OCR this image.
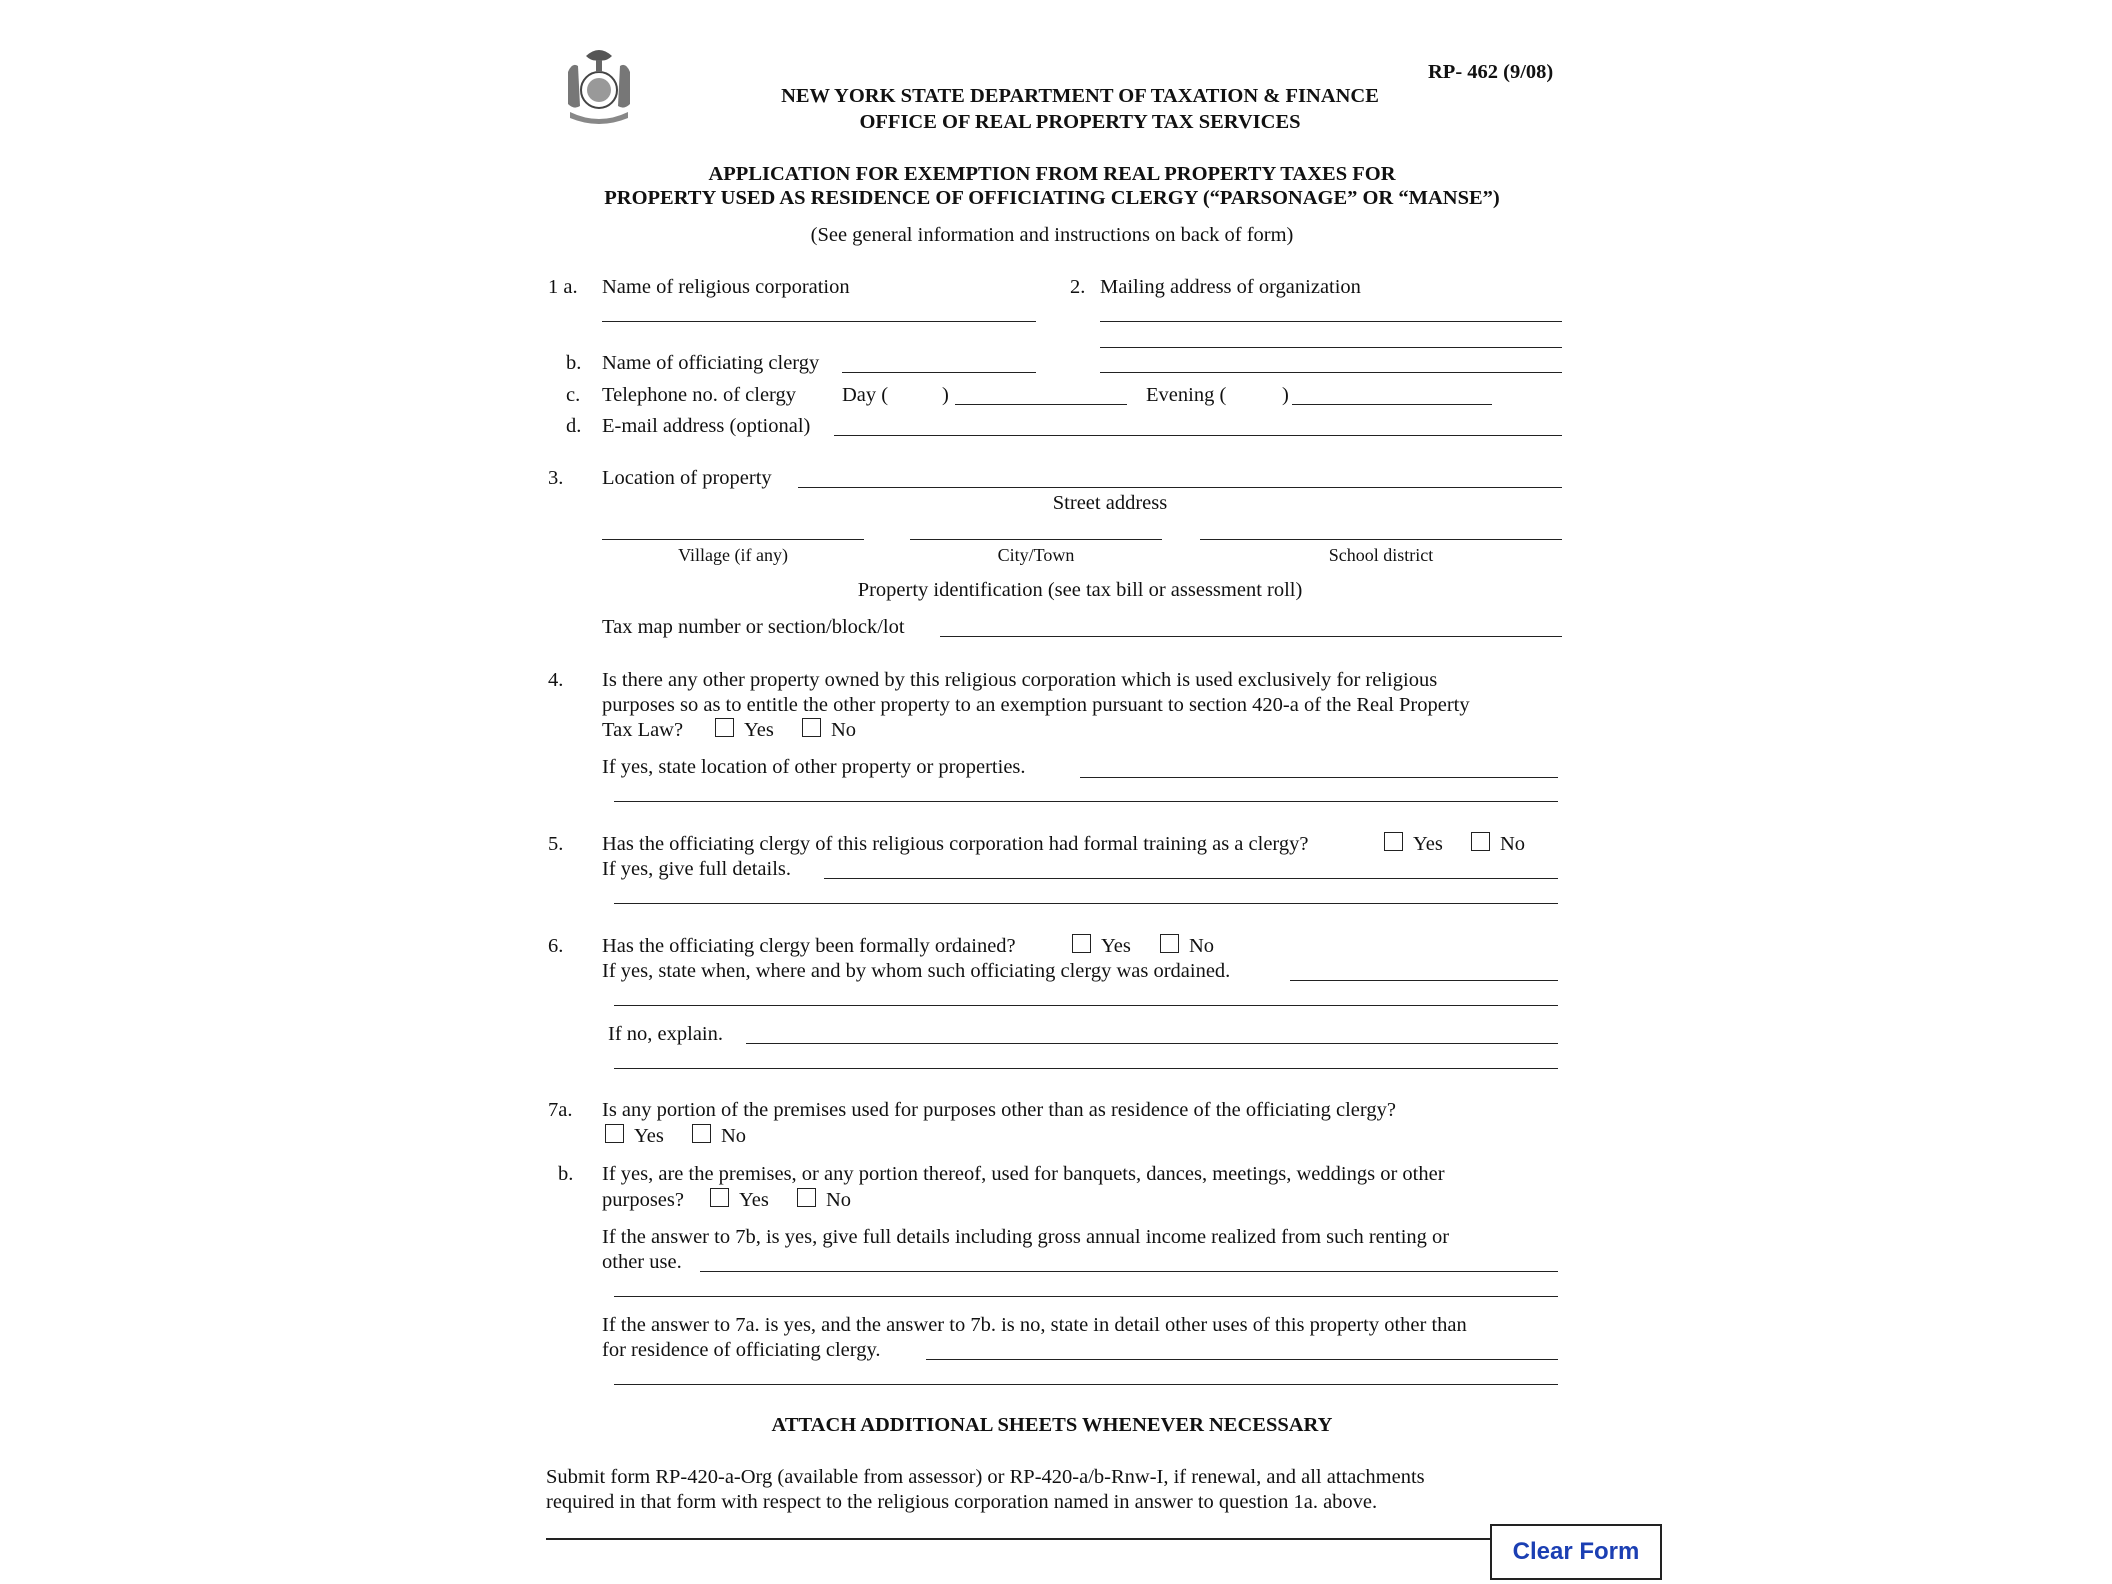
RP- 462 (9/08)
NEW YORK STATE DEPARTMENT OF TAXATION & FINANCE
OFFICE OF REAL PROPERTY TAX SERVICES
APPLICATION FOR EXEMPTION FROM REAL PROPERTY TAXES FOR
PROPERTY USED AS RESIDENCE OF OFFICIATING CLERGY (“PARSONAGE” OR “MANSE”)
(See general information and instructions on back of form)
1 a. Name of religious corporation	2. Mailing address of organization
b. Name of officiating clergy
c. Telephone no. of clergy Day (	)	Evening (	)
d. E-mail address (optional)
3. Location of property
Street address
Village (if any)	City/Town	School district
Property identification (see tax bill or assessment roll)
Tax map number or section/block/lot
4. Is there any other property owned by this religious corporation which is used exclusively for religious
purposes so as to entitle the other property to an exemption pursuant to section 420-a of the Real Property
Tax Law?	Yes	No
If yes, state location of other property or properties.
5. Has the officiating clergy of this religious corporation had formal training as a clergy?	Yes	No
If yes, give full details.
6. Has the officiating clergy been formally ordained?	Yes	No
If yes, state when, where and by whom such officiating clergy was ordained.
If no, explain.
7a. Is any portion of the premises used for purposes other than as residence of the officiating clergy?
Yes	No
b. If yes, are the premises, or any portion thereof, used for banquets, dances, meetings, weddings or other
purposes?	Yes	No
If the answer to 7b, is yes, give full details including gross annual income realized from such renting or
other use.
If the answer to 7a. is yes, and the answer to 7b. is no, state in detail other uses of this property other than
for residence of officiating clergy.
ATTACH ADDITIONAL SHEETS WHENEVER NECESSARY
Submit form RP-420-a-Org (available from assessor) or RP-420-a/b-Rnw-I, if renewal, and all attachments
required in that form with respect to the religious corporation named in answer to question 1a. above.
Clear Form
